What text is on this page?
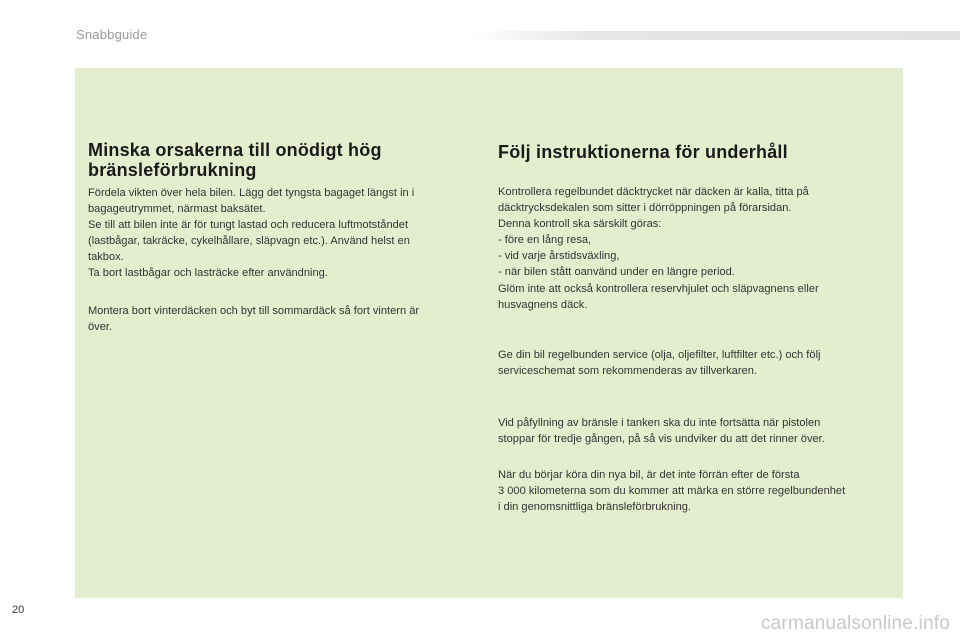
Snabbguide
Minska orsakerna till onödigt hög
bränsleförbrukning

Fördela vikten över hela bilen. Lägg det tyngsta bagaget längst in i
bagageutrymmet, närmast baksätet.
Se till att bilen inte är för tungt lastad och reducera luftmotståndet
(lastbågar, takräcke, cykelhållare, släpvagn etc.). Använd helst en
takbox.
Ta bort lastbågar och lasträcke efter användning.

Montera bort vinterdäcken och byt till sommardäck så fort vintern är
över.

Följ instruktionerna för underhåll

Kontrollera regelbundet däcktrycket när däcken är kalla, titta på
däcktrycksdekalen som sitter i dörröppningen på förarsidan.
Denna kontroll ska särskilt göras:
- före en lång resa,
- vid varje årstidsväxling,
- när bilen stått oanvänd under en längre period.
Glöm inte att också kontrollera reservhjulet och släpvagnens eller
husvagnens däck.

Ge din bil regelbunden service (olja, oljefilter, luftfilter etc.) och följ
serviceschemat som rekommenderas av tillverkaren.

Vid påfyllning av bränsle i tanken ska du inte fortsätta när pistolen
stoppar för tredje gången, på så vis undviker du att det rinner över.

När du börjar köra din nya bil, är det inte förrän efter de första
3 000 kilometerna som du kommer att märka en större regelbundenhet
i din genomsnittliga bränsleförbrukning.

20
carmanualsonline.info
